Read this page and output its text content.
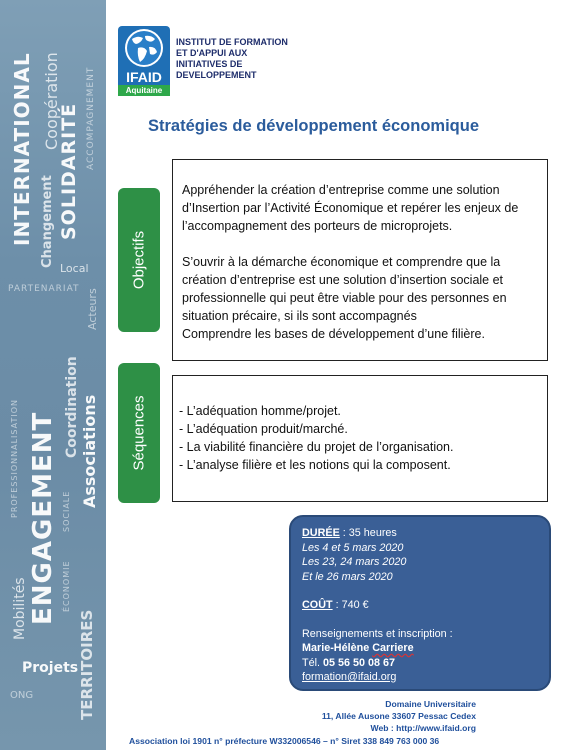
INTERNATIONAL Coopération
SOLIDARITÉ ACCOMPAGNEMENT
Changement
Local
Acteurs
PARTENARIAT
PROFESSIONNALISATION ENGAGEMENT
Coordination Associations
SOCIALE
Mobilités	ÉCONOMIE
TERRITOIRES
Projets
ONG
IFAID
Aquitaine
INSTITUT DE FORMATION
ET D'APPUI AUX
INITIATIVES DE
DEVELOPPEMENT
Stratégies de développement économique
Objectifs

Appréhender la création d’entreprise comme une solution d’Insertion par l’Activité Économique et repérer les enjeux de l’accompagnement des porteurs de microprojets.

S’ouvrir à la démarche économique et comprendre que la création d’entreprise est une solution d’insertion sociale et professionnelle qui peut être viable pour des personnes en situation précaire, si ils sont accompagnés

Comprendre les bases de développement d’une filière.

Séquences	- L’adéquation homme/projet.
- L’adéquation produit/marché.
- La viabilité financière du projet de l’organisation.
- L’analyse filière et les notions qui la composent.
DURÉE : 35 heures
Les 4 et 5 mars 2020
Les 23, 24 mars 2020
Et le 26 mars 2020
COÛT : 740 €
Renseignements et inscription :
Marie-Hélène Carriere
Tél. 05 56 50 08 67
formation@ifaid.org
Domaine Universitaire
11, Allée Ausone 33607 Pessac Cedex
Web : http://www.ifaid.org
Association loi 1901 n° préfecture W332006546 – n° Siret 338 849 763 000 36
